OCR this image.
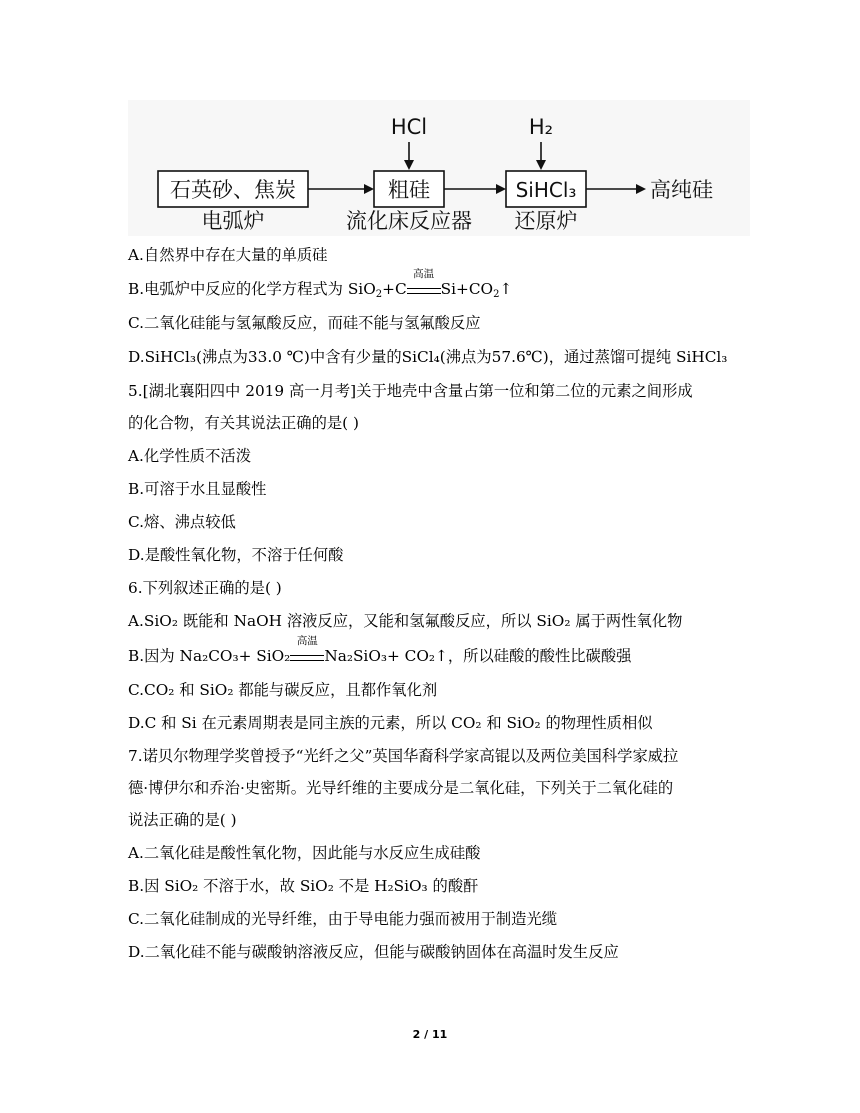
HCl	H₂
石英砂、焦炭	粗硅	SiHCl₃	高纯硅
电弧炉	流化床反应器 还原炉
A.自然界中存在大量的单质硅
B.电弧炉中反应的化学方程式为 SiO$_2$+C
高温
$Si+CO_2↑$
C.二氧化硅能与氢氟酸反应，而硅不能与氢氟酸反应
D.SiHCl₃(沸点为33.0 ℃)中含有少量的SiCl₄(沸点为57.6℃)，通过蒸馏可提纯 SiHCl₃
5.[湖北襄阳四中 2019 高一月考]关于地壳中含量占第一位和第二位的元素之间形成
的化合物，有关其说法正确的是( )
A.化学性质不活泼
B.可溶于水且显酸性
C.熔、沸点较低
D.是酸性氧化物，不溶于任何酸
6.下列叙述正确的是( )
A.SiO₂ 既能和 NaOH 溶液反应，又能和氢氟酸反应，所以 SiO₂ 属于两性氧化物
B.因为 Na₂CO₃+ SiO₂
高温
Na₂SiO₃+ CO₂↑，所以硅酸的酸性比碳酸强
C.CO₂ 和 SiO₂ 都能与碳反应，且都作氧化剂
D.C 和 Si 在元素周期表是同主族的元素，所以 CO₂ 和 SiO₂ 的物理性质相似
7.诺贝尔物理学奖曾授予“光纤之父”英国华裔科学家高锟以及两位美国科学家威拉
德·博伊尔和乔治·史密斯。光导纤维的主要成分是二氧化硅，下列关于二氧化硅的
说法正确的是( )
A.二氧化硅是酸性氧化物，因此能与水反应生成硅酸
B.因 SiO₂ 不溶于水，故 SiO₂ 不是 H₂SiO₃ 的酸酐
C.二氧化硅制成的光导纤维，由于导电能力强而被用于制造光缆
D.二氧化硅不能与碳酸钠溶液反应，但能与碳酸钠固体在高温时发生反应
2 / 11
